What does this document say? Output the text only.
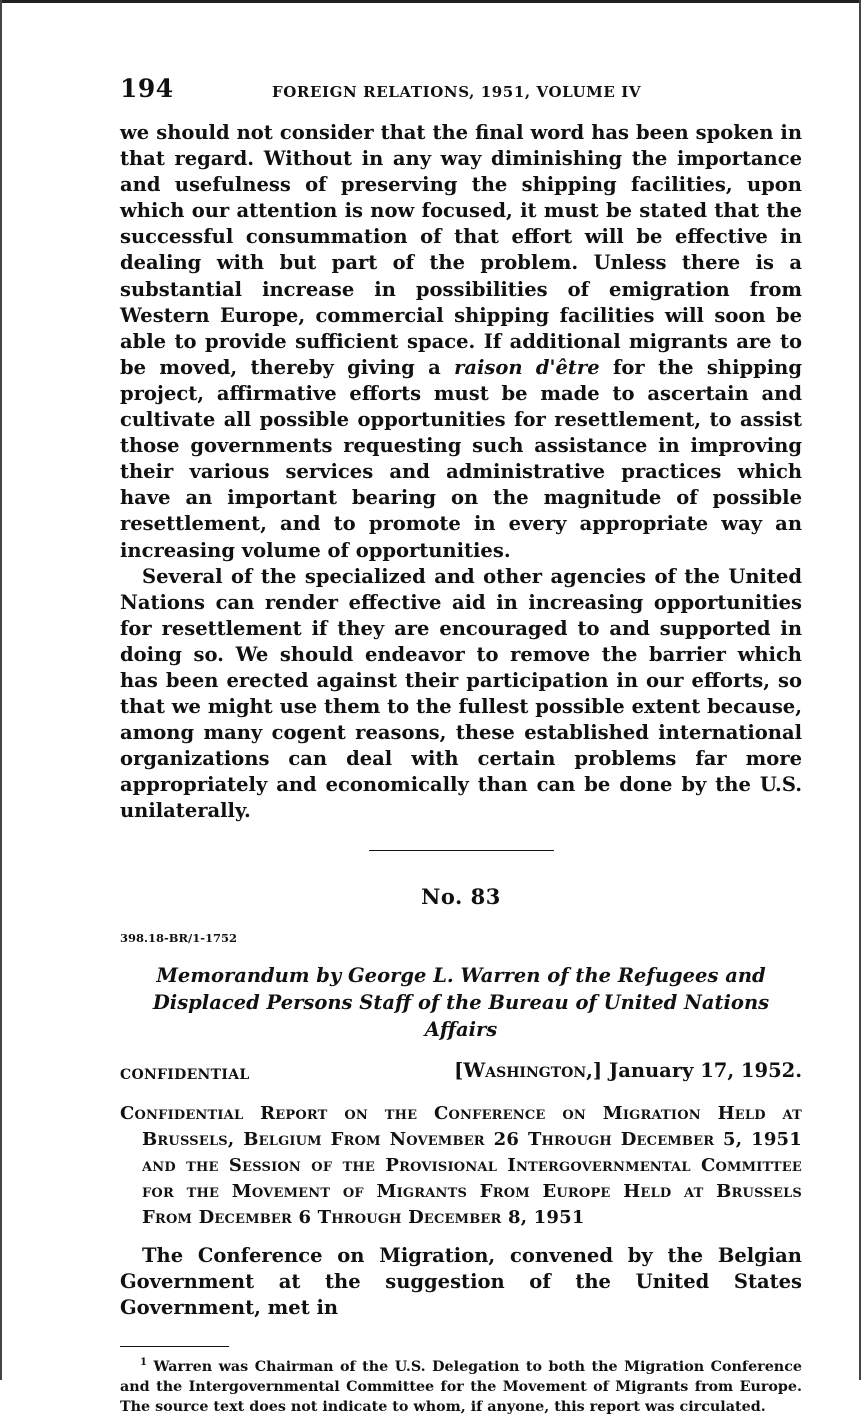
194	FOREIGN RELATIONS, 1951, VOLUME IV

we should not consider that the final word has been spoken in that regard. Without in any way diminishing the importance and usefulness of preserving the shipping facilities, upon which our attention is now focused, it must be stated that the successful consummation of that effort will be effective in dealing with but part of the problem. Unless there is a substantial increase in possibilities of emigration from Western Europe, commercial shipping facilities will soon be able to provide sufficient space. If additional migrants are to be moved, thereby giving a raison d'être for the shipping project, affirmative efforts must be made to ascertain and cultivate all possible opportunities for resettlement, to assist those governments requesting such assistance in improving their various services and administrative practices which have an important bearing on the magnitude of possible resettlement, and to promote in every appropriate way an increasing volume of opportunities.

Several of the specialized and other agencies of the United Nations can render effective aid in increasing opportunities for resettlement if they are encouraged to and supported in doing so. We should endeavor to remove the barrier which has been erected against their participation in our efforts, so that we might use them to the fullest possible extent because, among many cogent reasons, these established international organizations can deal with certain problems far more appropriately and economically than can be done by the U.S. unilaterally.

No. 83
398.18-BR/1-1752
Memorandum by George L. Warren of the Refugees and Displaced Persons Staff of the Bureau of United Nations Affairs
CONFIDENTIAL	[Washington,] January 17, 1952.
Confidential Report on the Conference on Migration Held at Brussels, Belgium From November 26 Through December 5, 1951 and the Session of the Provisional Intergovernmental Committee for the Movement of Migrants From Europe Held at Brussels From December 6 Through December 8, 1951

The Conference on Migration, convened by the Belgian Government at the suggestion of the United States Government, met in

$^1$ Warren was Chairman of the U.S. Delegation to both the Migration Conference and the Intergovernmental Committee for the Movement of Migrants from Europe. The source text does not indicate to whom, if anyone, this report was circulated.
